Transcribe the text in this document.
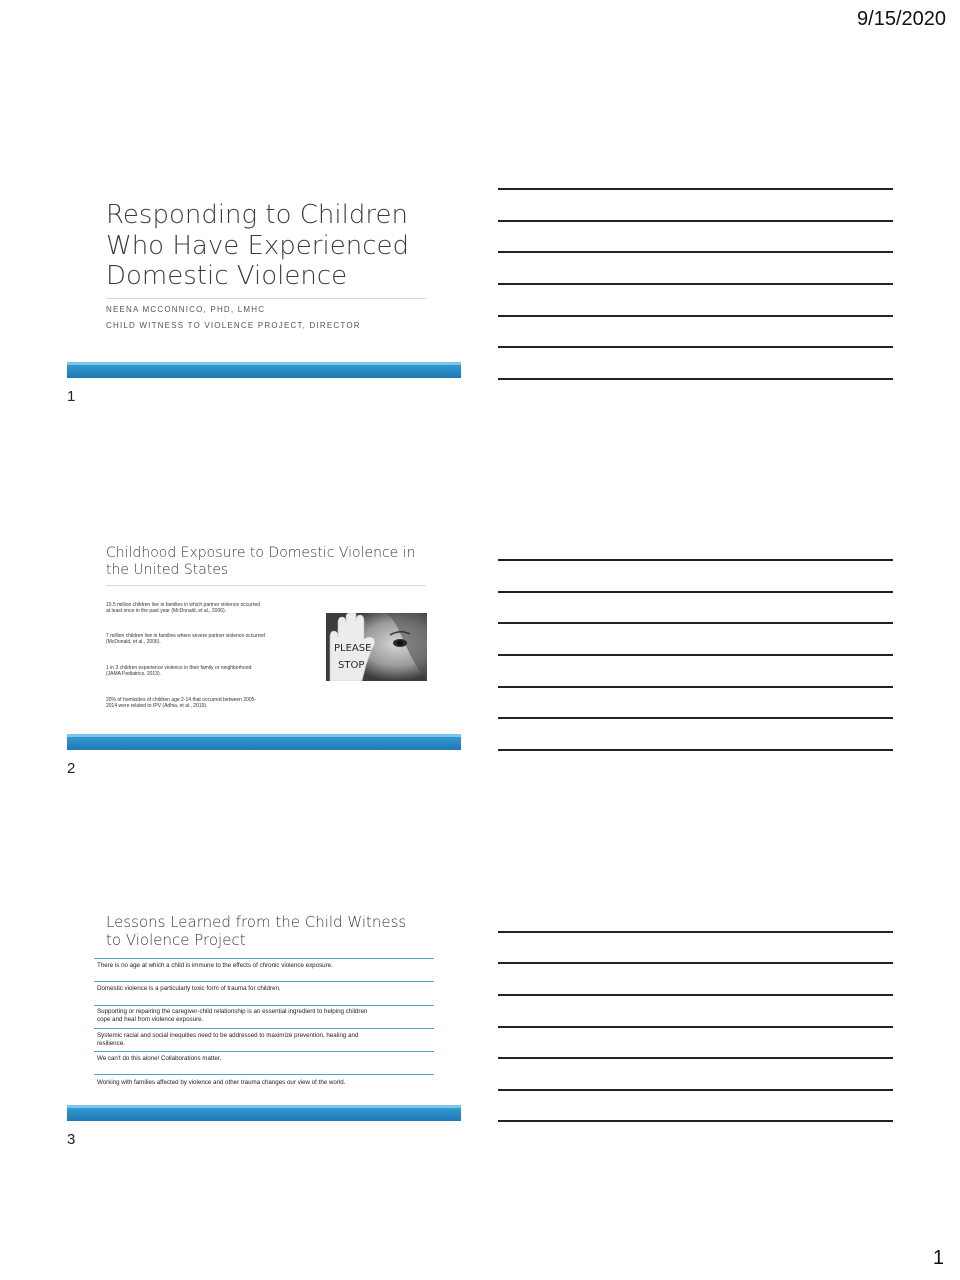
9/15/2020
1
Responding to Children
Who Have Experienced
Domestic Violence
NEENA MCCONNICO, PHD, LMHC
CHILD WITNESS TO VIOLENCE PROJECT, DIRECTOR
1
Childhood Exposure to Domestic Violence in
the United States
15.5 million children live in families in which partner violence occurred
at least once in the past year (McDonald, et al., 2006).
7 million children live in families where severe partner violence occurred
(McDonald, et al., 2006).
1 in 3 children experience violence in their family or neighborhood
(JAMA Pediatrics, 2013).
20% of homicides of children age 2-14 that occurred between 2005-
2014 were related to IPV (Adhia, et al., 2019).
PLEASE
STOP
2
Lessons Learned from the Child Witness
to Violence Project
There is no age at which a child is immune to the effects of chronic violence exposure.
Domestic violence is a particularly toxic form of trauma for children.
Supporting or repairing the caregiver-child relationship is an essential ingredient to helping children
cope and heal from violence exposure.
Systemic racial and social inequities need to be addressed to maximize prevention, healing and
resilience.
We can't do this alone! Collaborations matter.
Working with families affected by violence and other trauma changes our view of the world.
3
